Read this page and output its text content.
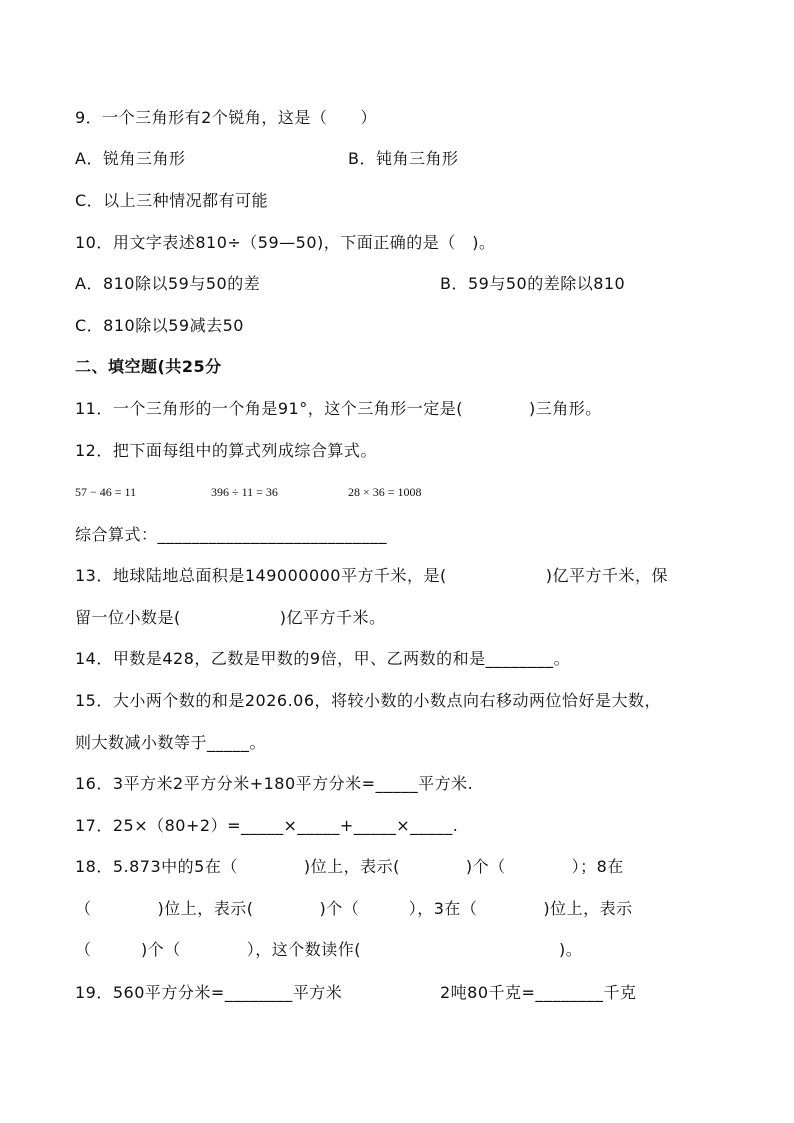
9．一个三角形有2个锐角，这是（　　）
A．锐角三角形	B．钝角三角形
C．以上三种情况都有可能
10．用文字表述810÷（59—50)，下面正确的是（　)。
A．810除以59与50的差	B．59与50的差除以810
C．810除以59减去50
二、填空题(共25分
11．一个三角形的一个角是91°，这个三角形一定是(　　　　)三角形。
12．把下面每组中的算式列成综合算式。
57 − 46 = 11	396 ÷ 11 = 36	28 × 36 = 1008
综合算式：___________________________
13．地球陆地总面积是149000000平方千米，是(　　　　　　)亿平方千米，保
留一位小数是(　　　　　　)亿平方千米。
14．甲数是428，乙数是甲数的9倍，甲、乙两数的和是________。
15．大小两个数的和是2026.06，将较小数的小数点向右移动两位恰好是大数，
则大数减小数等于_____。
16．3平方米2平方分米+180平方分米=_____平方米.
17．25×（80+2）=_____×_____+_____×_____.
18．5.873中的5在（　　　　)位上，表示(　　　　)个（　　　　）；8在
（　　　　)位上，表示(　　　　)个（　　　），3在（　　　　)位上，表示
（　　　)个（　　　　），这个数读作(　　　　　　　　　　　　)。
19．560平方分米=________平方米	2吨80千克=________千克
